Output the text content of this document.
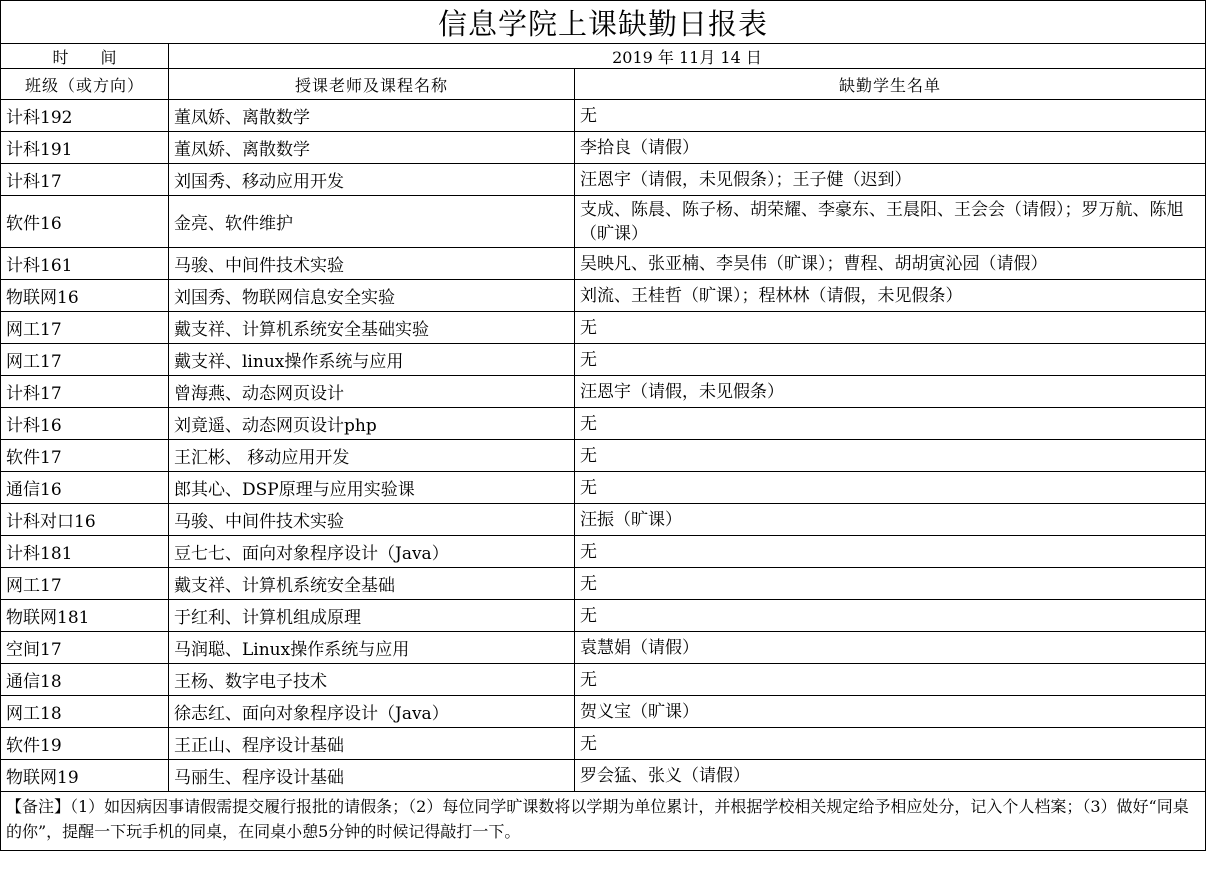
信息学院上课缺勤日报表		
时　　间	2019 年 11月 14 日	
班级（或方向）	授课老师及课程名称	缺勤学生名单
计科192	董凤娇、离散数学	无
计科191	董凤娇、离散数学	李拾良（请假）
计科17	刘国秀、移动应用开发	汪恩宇（请假，未见假条）；王子健（迟到）
软件16	金亮、软件维护	支成、陈晨、陈子杨、胡荣耀、李豪东、王晨阳、王会会（请假）；罗万航、陈旭（旷课）
计科161	马骏、中间件技术实验	吴映凡、张亚楠、李昊伟（旷课）；曹程、胡胡寅沁园（请假）
物联网16	刘国秀、物联网信息安全实验	刘流、王桂哲（旷课）；程林林（请假，未见假条）
网工17	戴支祥、计算机系统安全基础实验	无
网工17	戴支祥、linux操作系统与应用	无
计科17	曾海燕、动态网页设计	汪恩宇（请假，未见假条）
计科16	刘竟遥、动态网页设计php	无
软件17	王汇彬、 移动应用开发	无
通信16	郎其心、DSP原理与应用实验课	无
计科对口16	马骏、中间件技术实验	汪振（旷课）
计科181	豆七七、面向对象程序设计（Java）	无
网工17	戴支祥、计算机系统安全基础	无
物联网181	于红利、计算机组成原理	无
空间17	马润聪、Linux操作系统与应用	袁慧娟（请假）
通信18	王杨、数字电子技术	无
网工18	徐志红、面向对象程序设计（Java）	贺义宝（旷课）
软件19	王正山、程序设计基础	无
物联网19	马丽生、程序设计基础	罗会猛、张义（请假）
【备注】（1）如因病因事请假需提交履行报批的请假条；（2）每位同学旷课数将以学期为单位累计，并根据学校相关规定给予相应处分，记入个人档案；（3）做好“同桌的你”，提醒一下玩手机的同桌，在同桌小憩5分钟的时候记得敲打一下。		
